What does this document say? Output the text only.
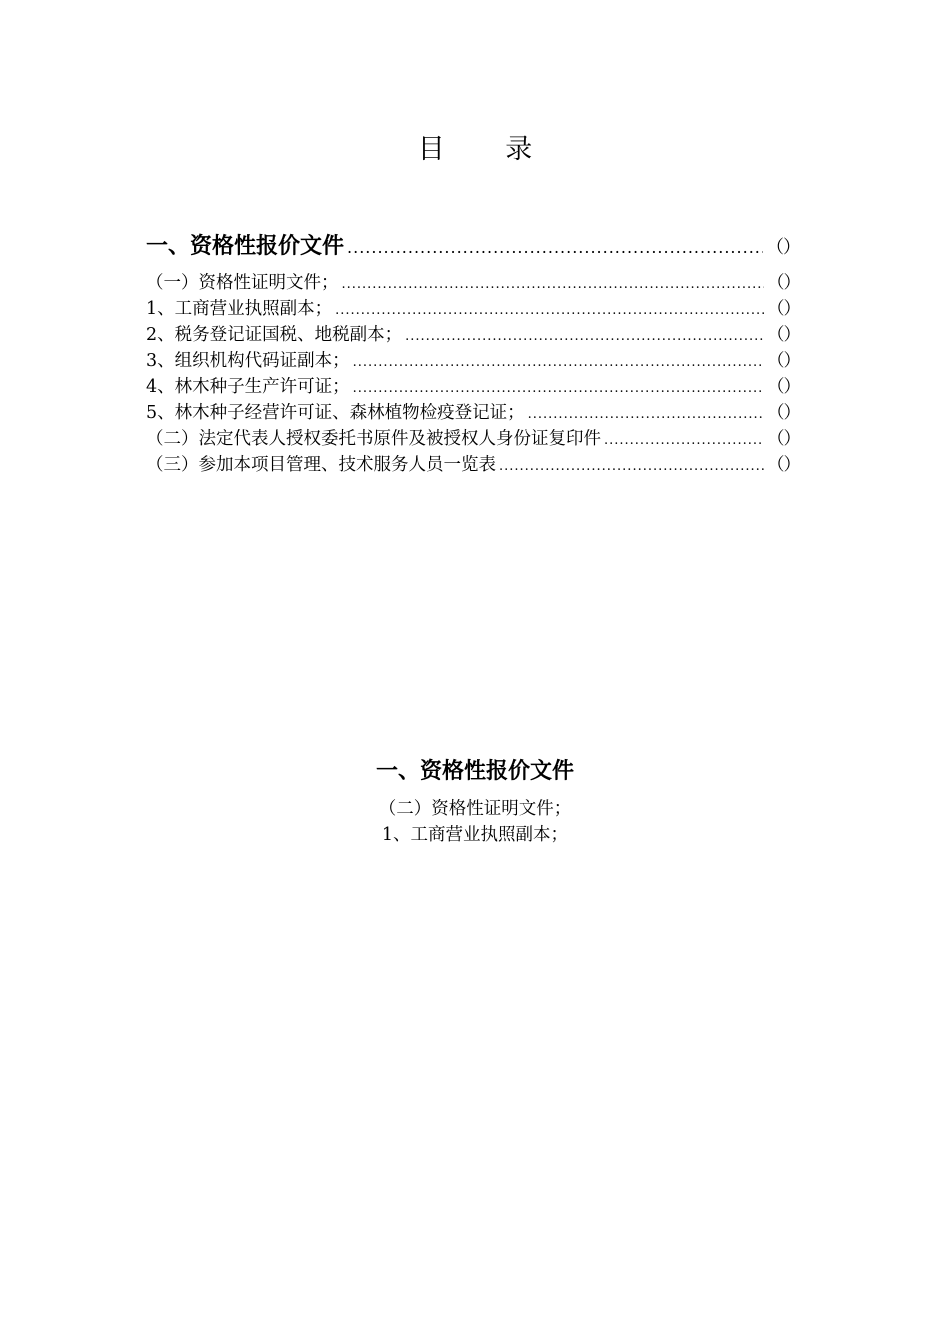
目 录
一、资格性报价文件 .....	（）
（一）资格性证明文件； .....	（）
1、工商营业执照副本； .....	（）
2、税务登记证国税、地税副本； .....	（）
3、组织机构代码证副本； .....	（）
4、林木种子生产许可证； .....	（）
5、林木种子经营许可证、森林植物检疫登记证； .....	（）
（二）法定代表人授权委托书原件及被授权人身份证复印件 .....	（）
（三）参加本项目管理、技术服务人员一览表 .....	（）
一、资格性报价文件
（二）资格性证明文件；
1、工商营业执照副本；
